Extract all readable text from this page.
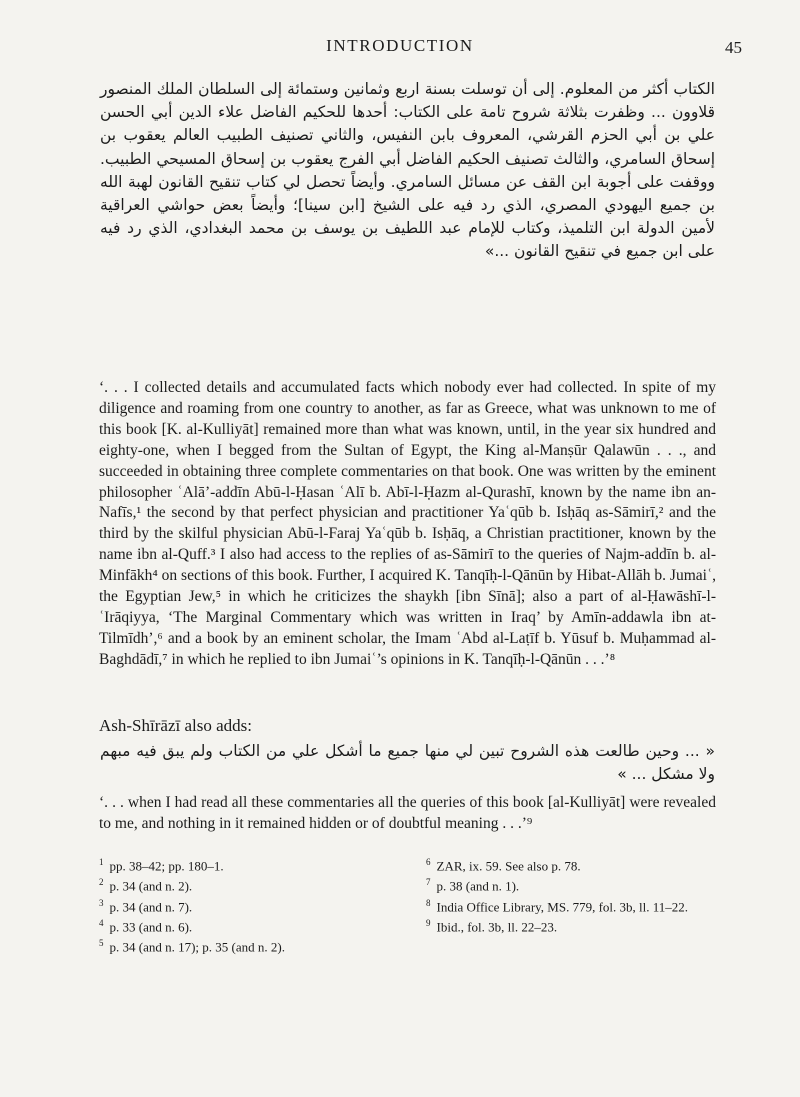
INTRODUCTION	45
الكتاب أكثر من المعلوم. إلى أن توسلت بسنة اربع وثمانين وستمائة إلى السلطان الملك المنصور قلاوون ... وظفرت بثلاثة شروح تامة على الكتاب: أحدها للحكيم الفاضل علاء الدين أبي الحسن علي بن أبي الحزم القرشي، المعروف بابن النفيس، والثاني تصنيف الطبيب العالم يعقوب بن إسحاق السامري، والثالث تصنيف الحكيم الفاضل أبي الفرج يعقوب بن إسحاق المسيحي الطبيب. ووقفت على أجوبة ابن القف عن مسائل السامري. وأيضاً تحصل لي كتاب تنقيح القانون لهبة الله بن جميع اليهودي المصري، الذي رد فيه على الشيخ [ابن سينا]؛ وأيضاً بعض حواشي العراقية لأمين الدولة ابن التلميذ، وكتاب للإمام عبد اللطيف بن يوسف بن محمد البغدادي، الذي رد فيه على ابن جميع في تنقيح القانون ...»

‘. . . I collected details and accumulated facts which nobody ever had collected. In spite of my diligence and roaming from one country to another, as far as Greece, what was unknown to me of this book [K. al-Kulliyāt] remained more than what was known, until, in the year six hundred and eighty-one, when I begged from the Sultan of Egypt, the King al-Manṣūr Qalawūn . . ., and succeeded in obtaining three complete commentaries on that book. One was written by the eminent philosopher ʿAlā’-addīn Abū-l-Ḥasan ʿAlī b. Abī-l-Ḥazm al-Qurashī, known by the name ibn an-Nafīs,¹ the second by that perfect physician and practitioner Yaʿqūb b. Isḥāq as-Sāmirī,² and the third by the skilful physician Abū-l-Faraj Yaʿqūb b. Isḥāq, a Christian practitioner, known by the name ibn al-Quff.³ I also had access to the replies of as-Sāmirī to the queries of Najm-addīn b. al-Minfākh⁴ on sections of this book. Further, I acquired K. Tanqīḥ-l-Qānūn by Hibat-Allāh b. Jumaiʿ, the Egyptian Jew,⁵ in which he criticizes the shaykh [ibn Sīnā]; also a part of al-Ḥawāshī-l-ʿIrāqiyya, ‘The Marginal Commentary which was written in Iraq’ by Amīn-addawla ibn at-Tilmīdh’,⁶ and a book by an eminent scholar, the Imam ʿAbd al-Laṭīf b. Yūsuf b. Muḥammad al-Baghdādī,⁷ in which he replied to ibn Jumaiʿ’s opinions in K. Tanqīḥ-l-Qānūn . . .’⁸

Ash-Shīrāzī also adds:

« ... وحين طالعت هذه الشروح تبين لي منها جميع ما أشكل علي من الكتاب ولم يبق فيه مبهم ولا مشكل ... »

‘. . . when I had read all these commentaries all the queries of this book [al-Kulliyāt] were revealed to me, and nothing in it remained hidden or of doubtful meaning . . .’⁹

$^1$ pp. 38–42; pp. 180–1.

$^2$ p. 34 (and n. 2).

$^3$ p. 34 (and n. 7).

$^4$ p. 33 (and n. 6).

$^5$ p. 34 (and n. 17); p. 35 (and n. 2).

$^6$ ZAR, ix. 59. See also p. 78.

$^7$ p. 38 (and n. 1).

$^8$ India Office Library, MS. 779, fol. 3b, ll. 11–22.

$^9$ Ibid., fol. 3b, ll. 22–23.
